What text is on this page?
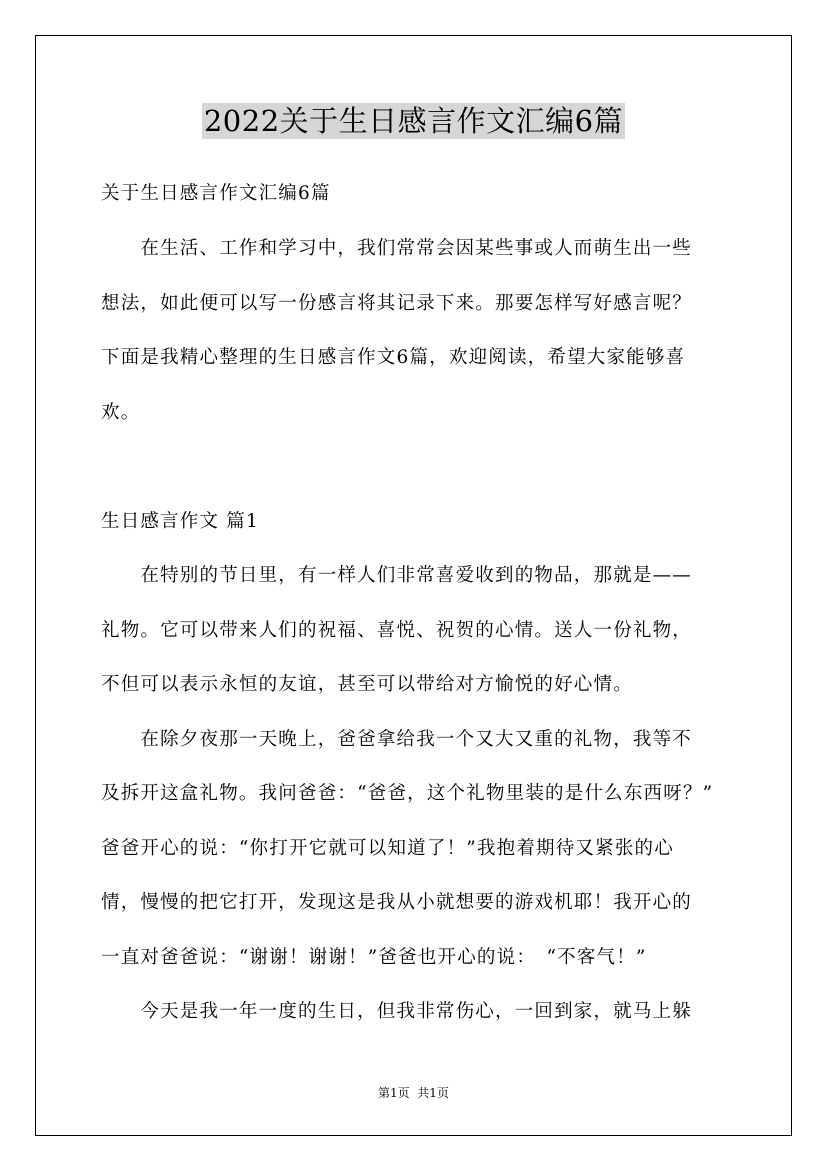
2022关于生日感言作文汇编6篇
关于生日感言作文汇编6篇
　　在生活、工作和学习中，我们常常会因某些事或人而萌生出一些
想法，如此便可以写一份感言将其记录下来。那要怎样写好感言呢？
下面是我精心整理的生日感言作文6篇，欢迎阅读，希望大家能够喜
欢。
生日感言作文 篇1
　　在特别的节日里，有一样人们非常喜爱收到的物品，那就是——
礼物。它可以带来人们的祝福、喜悦、祝贺的心情。送人一份礼物，
不但可以表示永恒的友谊，甚至可以带给对方愉悦的好心情。
　　在除夕夜那一天晚上，爸爸拿给我一个又大又重的礼物，我等不
及拆开这盒礼物。我问爸爸：“爸爸，这个礼物里装的是什么东西呀？”
爸爸开心的说：“你打开它就可以知道了！”我抱着期待又紧张的心
情，慢慢的把它打开，发现这是我从小就想要的游戏机耶！我开心的
一直对爸爸说：“谢谢！谢谢！”爸爸也开心的说：　“不客气！”
　　今天是我一年一度的生日，但我非常伤心，一回到家，就马上躲
第1页  共1页
